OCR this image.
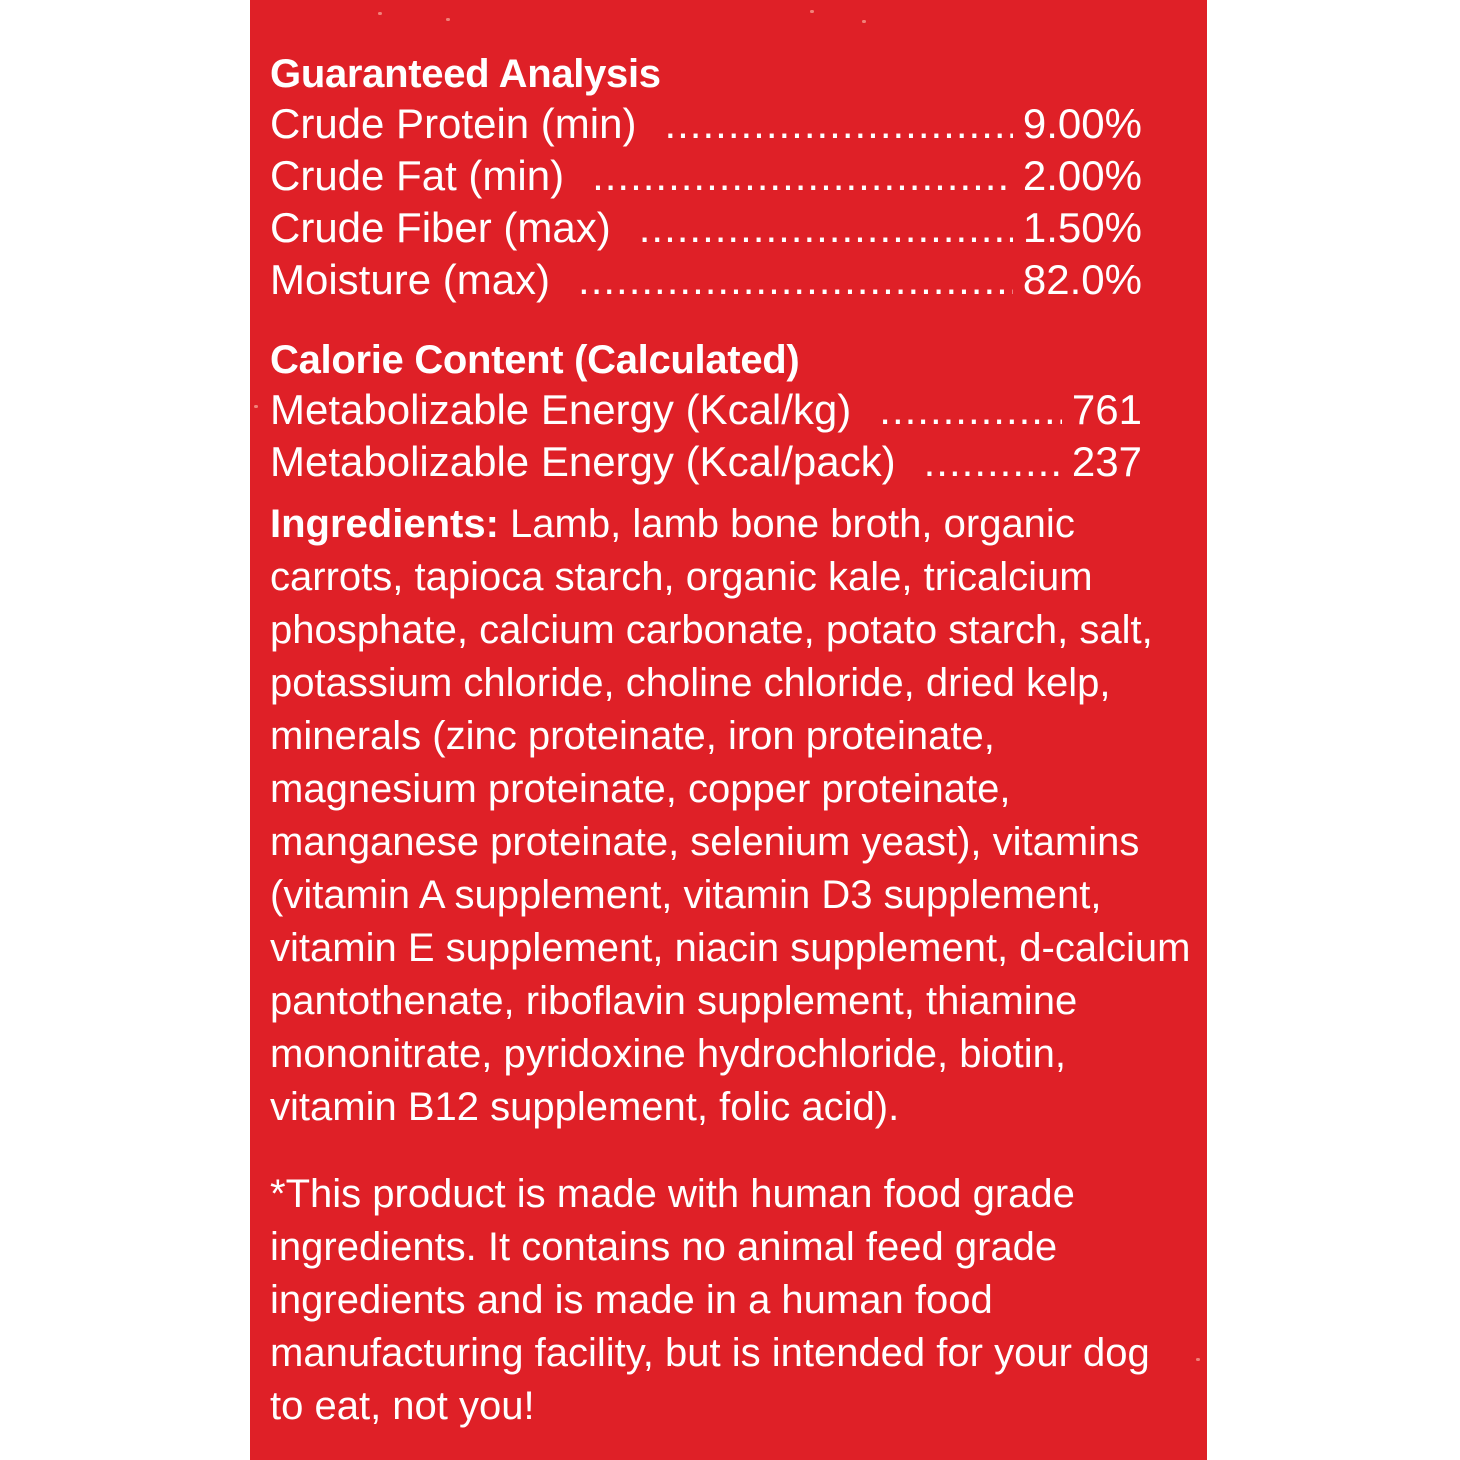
Guaranteed Analysis
Crude Protein (min) .....	9.00%
Crude Fat (min) .....	2.00%
Crude Fiber (max) .....	1.50%
Moisture (max) .....	82.0%
Calorie Content (Calculated)
Metabolizable Energy (Kcal/kg) .....	761
Metabolizable Energy (Kcal/pack) .....	237

Ingredients: Lamb, lamb bone broth, organic carrots, tapioca starch, organic kale, tricalcium phosphate, calcium carbonate, potato starch, salt, potassium chloride, choline chloride, dried kelp, minerals (zinc proteinate, iron proteinate, magnesium proteinate, copper proteinate, manganese proteinate, selenium yeast), vitamins (vitamin A supplement, vitamin D3 supplement, vitamin E supplement, niacin supplement, d-calcium pantothenate, riboflavin supplement, thiamine mononitrate, pyridoxine hydrochloride, biotin, vitamin B12 supplement, folic acid).

*This product is made with human food grade ingredients. It contains no animal feed grade ingredients and is made in a human food manufacturing facility, but is intended for your dog to eat, not you!
